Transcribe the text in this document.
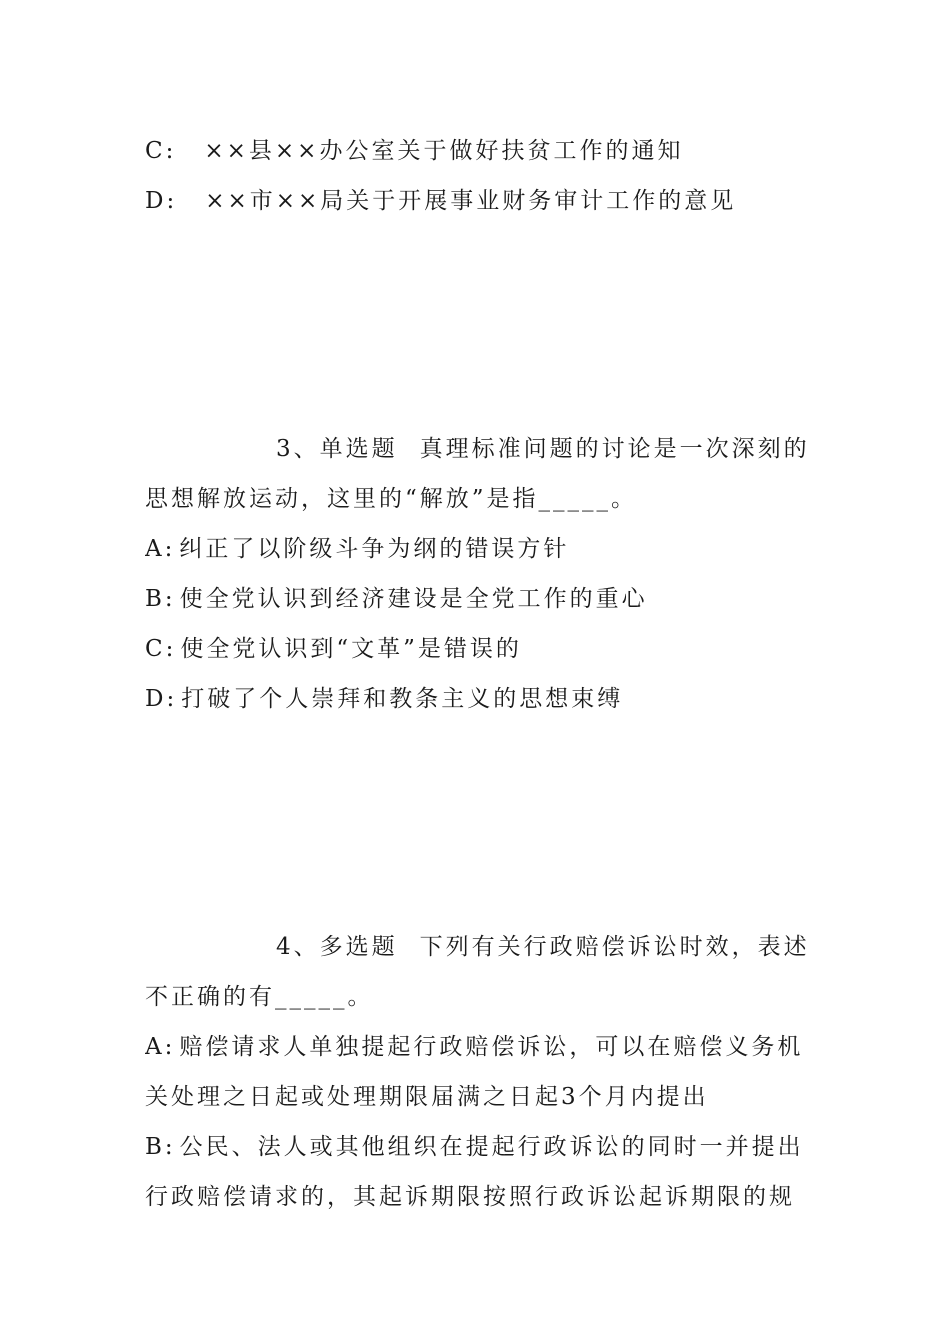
C: ××县××办公室关于做好扶贫工作的通知
D: ××市××局关于开展事业财务审计工作的意见
3、单选题 真理标准问题的讨论是一次深刻的
思想解放运动，这里的“解放”是指_____。
A: 纠正了以阶级斗争为纲的错误方针
B: 使全党认识到经济建设是全党工作的重心
C: 使全党认识到“文革”是错误的
D: 打破了个人崇拜和教条主义的思想束缚
4、多选题 下列有关行政赔偿诉讼时效，表述
不正确的有_____。
A: 赔偿请求人单独提起行政赔偿诉讼，可以在赔偿义务机
关处理之日起或处理期限届满之日起3个月内提出
B: 公民、法人或其他组织在提起行政诉讼的同时一并提出
行政赔偿请求的，其起诉期限按照行政诉讼起诉期限的规
